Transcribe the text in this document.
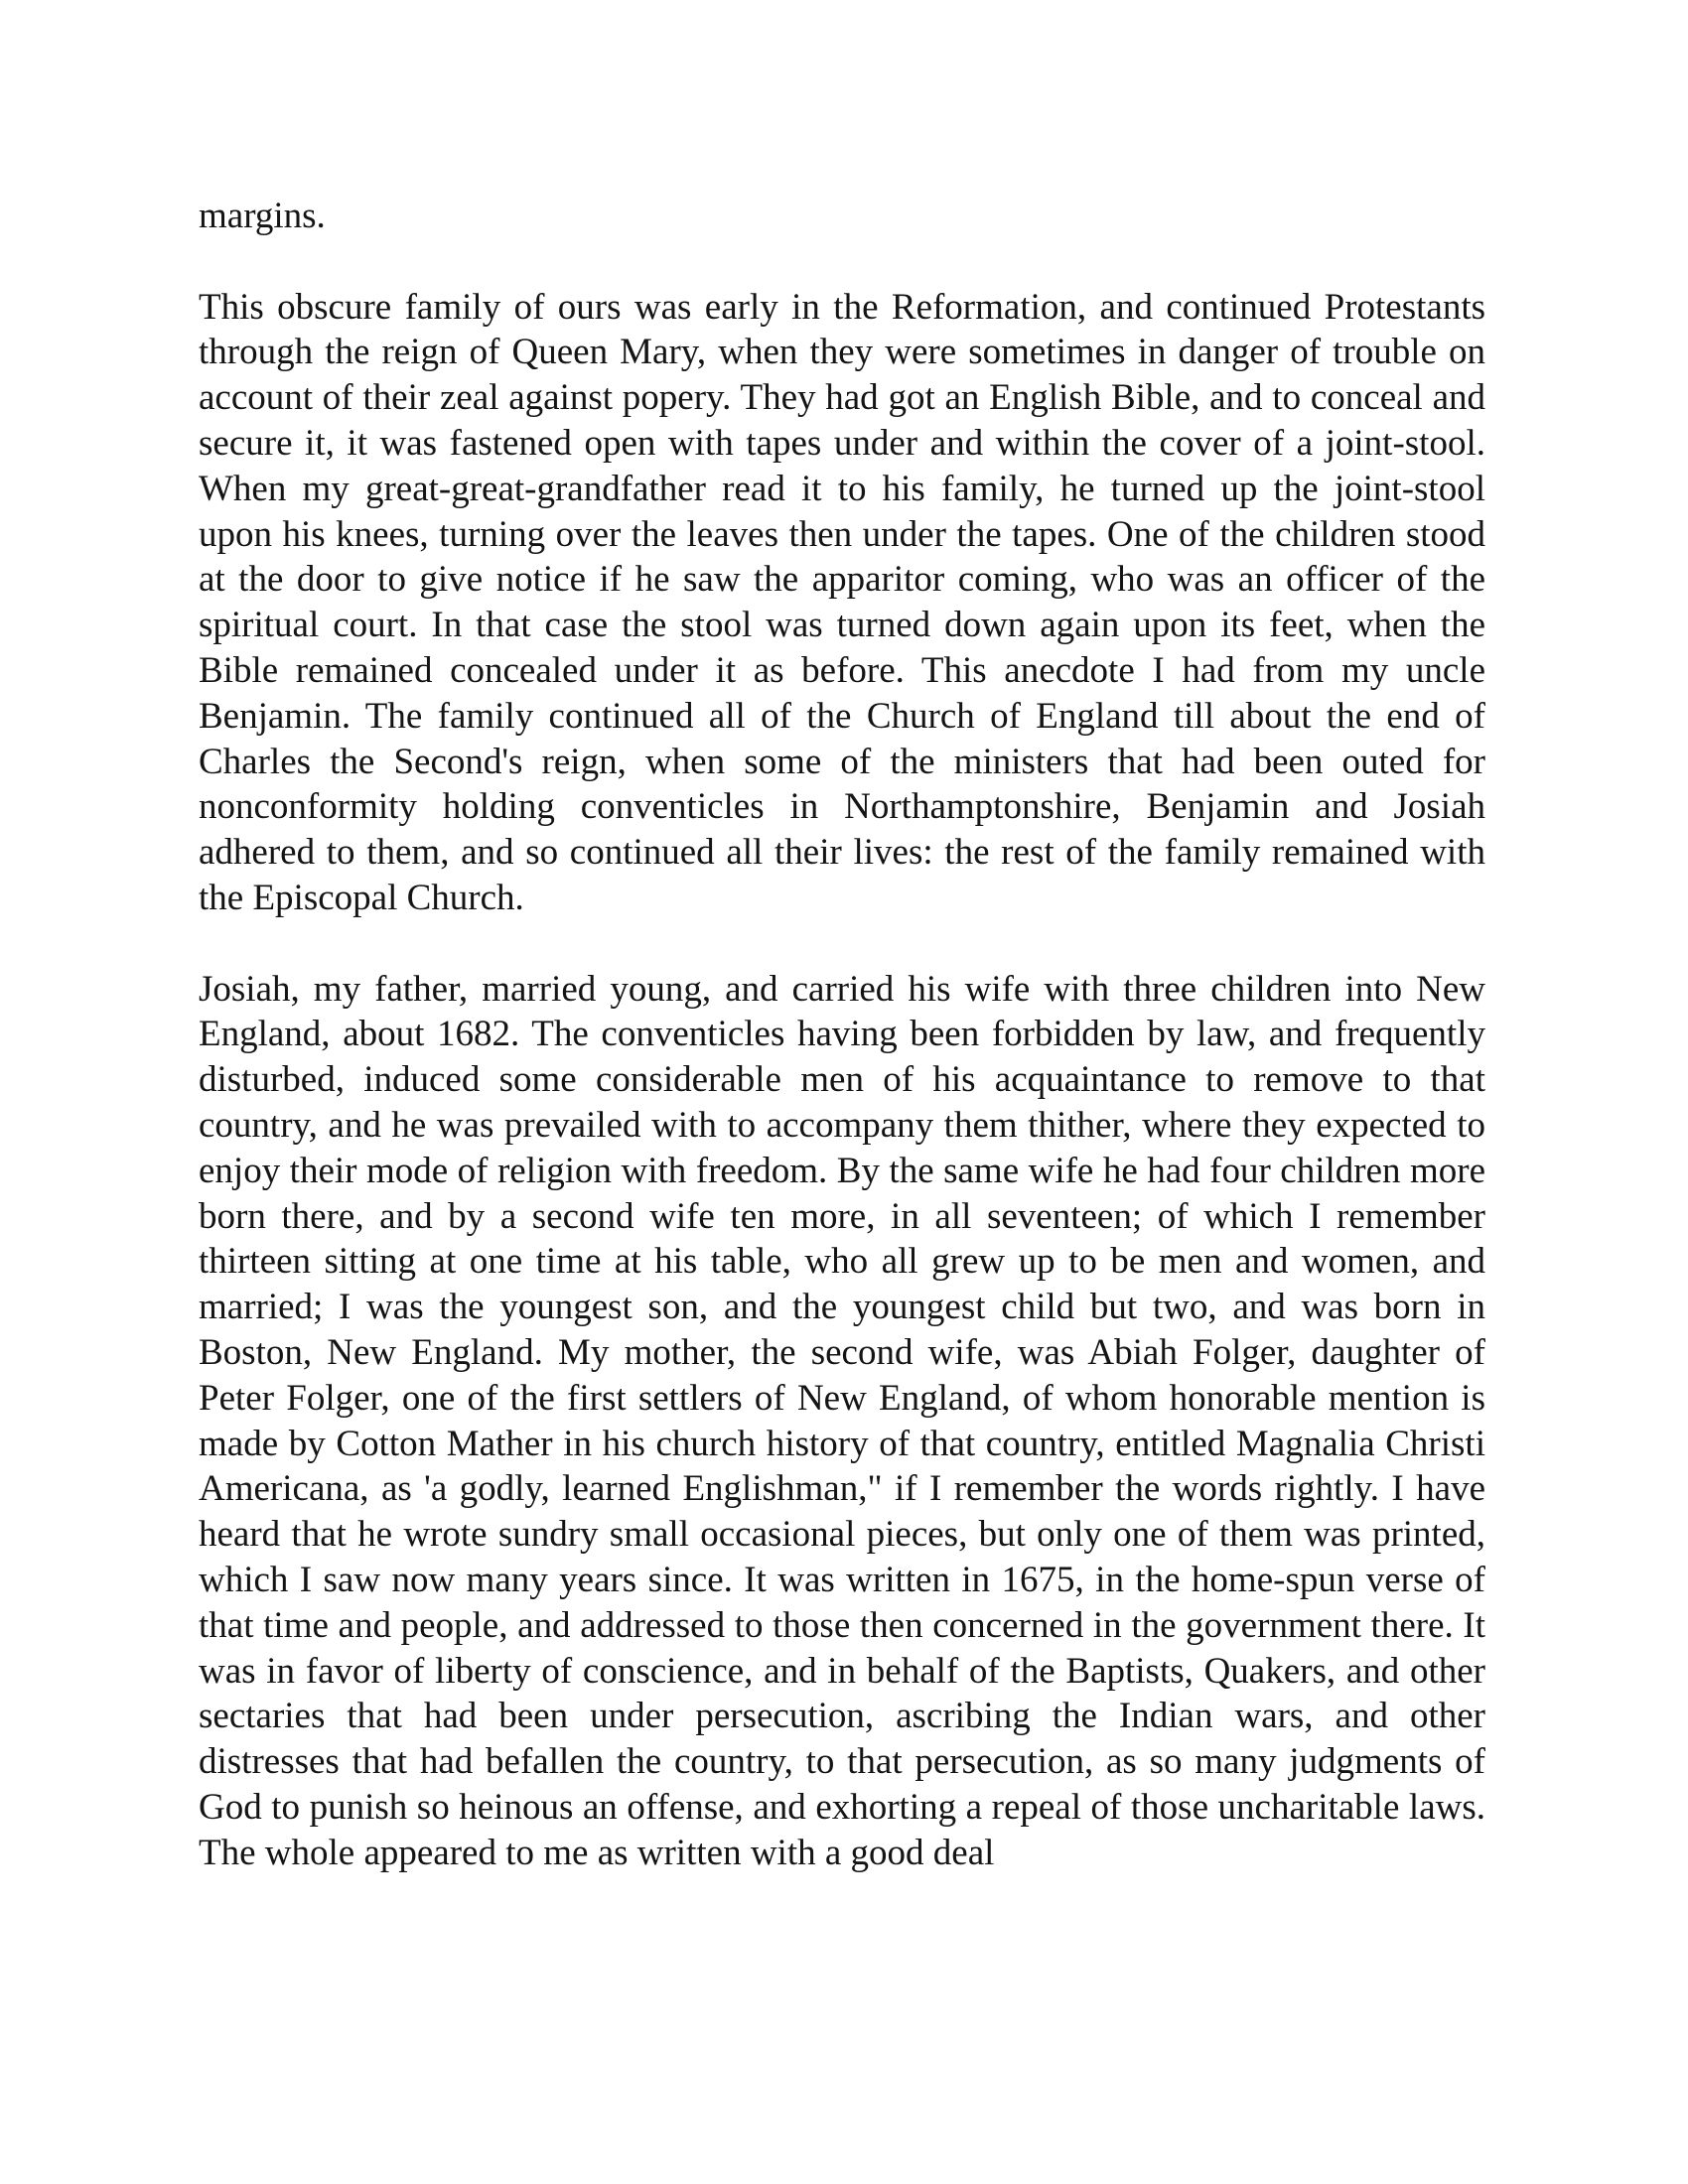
margins.

This obscure family of ours was early in the Reformation, and continued Protestants through the reign of Queen Mary, when they were sometimes in danger of trouble on account of their zeal against popery. They had got an English Bible, and to conceal and secure it, it was fastened open with tapes under and within the cover of a joint-stool. When my great-great-grandfather read it to his family, he turned up the joint-stool upon his knees, turning over the leaves then under the tapes. One of the children stood at the door to give notice if he saw the apparitor coming, who was an officer of the spiritual court. In that case the stool was turned down again upon its feet, when the Bible remained concealed under it as before. This anecdote I had from my uncle Benjamin. The family continued all of the Church of England till about the end of Charles the Second's reign, when some of the ministers that had been outed for nonconformity holding conventicles in Northamptonshire, Benjamin and Josiah adhered to them, and so continued all their lives: the rest of the family remained with the Episcopal Church.

Josiah, my father, married young, and carried his wife with three children into New England, about 1682. The conventicles having been forbidden by law, and frequently disturbed, induced some considerable men of his acquaintance to remove to that country, and he was prevailed with to accompany them thither, where they expected to enjoy their mode of religion with freedom. By the same wife he had four children more born there, and by a second wife ten more, in all seventeen; of which I remember thirteen sitting at one time at his table, who all grew up to be men and women, and married; I was the youngest son, and the youngest child but two, and was born in Boston, New England. My mother, the second wife, was Abiah Folger, daughter of Peter Folger, one of the first settlers of New England, of whom honorable mention is made by Cotton Mather in his church history of that country, entitled Magnalia Christi Americana, as 'a godly, learned Englishman," if I remember the words rightly. I have heard that he wrote sundry small occasional pieces, but only one of them was printed, which I saw now many years since. It was written in 1675, in the home-spun verse of that time and people, and addressed to those then concerned in the government there. It was in favor of liberty of conscience, and in behalf of the Baptists, Quakers, and other sectaries that had been under persecution, ascribing the Indian wars, and other distresses that had befallen the country, to that persecution, as so many judgments of God to punish so heinous an offense, and exhorting a repeal of those uncharitable laws. The whole appeared to me as written with a good deal
